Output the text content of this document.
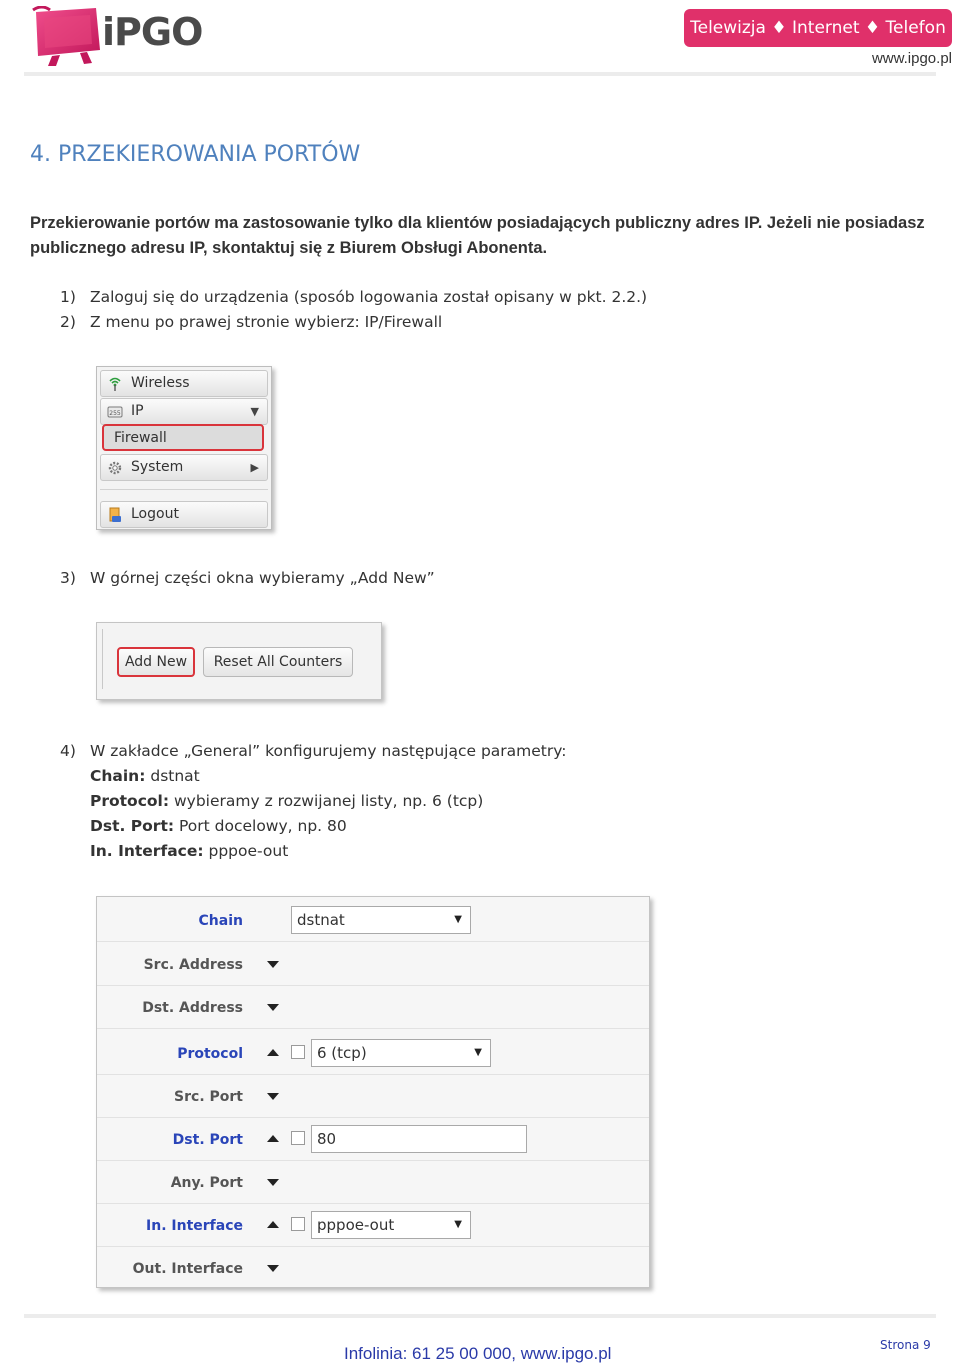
iPGO	Telewizja ♦ Internet ♦ Telefon
www.ipgo.pl
4. PRZEKIEROWANIA PORTÓW
Przekierowanie portów ma zastosowanie tylko dla klientów posiadających publiczny adres IP. Jeżeli nie posiadasz
publicznego adresu IP, skontaktuj się z Biurem Obsługi Abonenta.
1) Zaloguj się do urządzenia (sposób logowania został opisany w pkt. 2.2.)
2) Z menu po prawej stronie wybierz: IP/Firewall
Wireless
255 IP	▼
Firewall
System	▶
Logout
3) W górnej części okna wybieramy „Add New”
Add New	Reset All Counters
4) W zakładce „General” konfigurujemy następujące parametry:
Chain: dstnat
Protocol: wybieramy z rozwijanej listy, np. 6 (tcp)
Dst. Port: Port docelowy, np. 80
In. Interface: pppoe-out
Chain	dstnat	▼
Src. Address
Dst. Address
Protocol	6 (tcp)	▼
Src. Port
Dst. Port	80
Any. Port
In. Interface	pppoe-out	▼
Out. Interface
Infolinia: 61 25 00 000, www.ipgo.pl	Strona 9
